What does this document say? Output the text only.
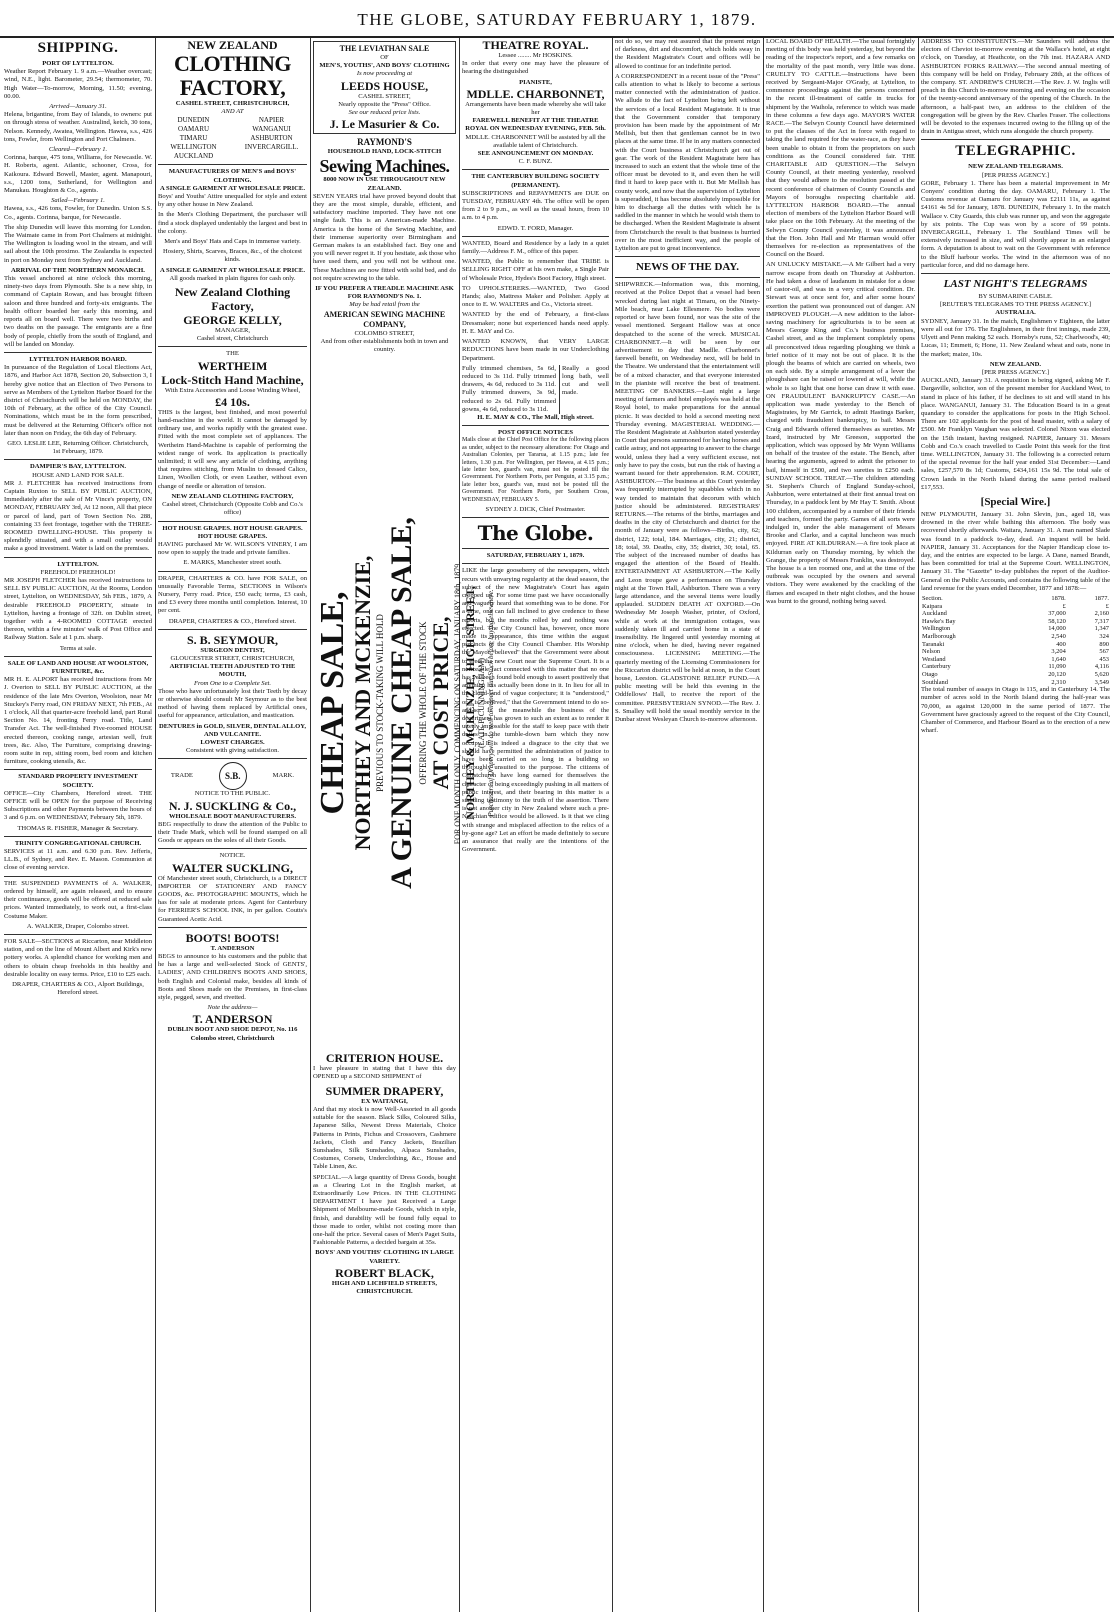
THE GLOBE, SATURDAY FEBRUARY 1, 1879.
SHIPPING.
PORT OF LYTTELTON.

Weather Report February 1. 9 a.m.—Weather overcast; wind, N.E., light. Barometer, 29.54; thermometer, 70. High Water—To-morrow, Morning, 11.50; evening, 00.00.

Arrived—January 31.

Helena, brigantine, from Bay of Islands, to owners: put on through stress of weather. Australind, ketch, 30 tons, Nelson. Kennedy, Awatea, Wellington. Hawea, s.s., 426 tons, Fowler, from Wellington and Port Chalmers.

Cleared—February 1.

Corinna, barque, 475 tons, Williams, for Newcastle. W. H. Roberts, agent. Atlantic, schooner, Cross, for Kaikoura. Edward Bowell, Master, agent. Manapouri, s.s., 1200 tons, Sutherland, for Wellington and Manukau. Houghton & Co., agents.

Sailed—February 1.

Hawea, s.s., 426 tons, Fowler, for Dunedin. Union S.S. Co., agents. Corinna, barque, for Newcastle.

The ship Dunedin will leave this morning for London. The Waimate came in from Port Chalmers at midnight. The Wellington is loading wool in the stream, and will sail about the 10th proximo. The Zealandia is expected in port on Monday next from Sydney and Auckland.

ARRIVAL OF THE NORTHERN MONARCH.

This vessel anchored at nine o'clock this morning, ninety-two days from Plymouth. She is a new ship, in command of Captain Rowan, and has brought fifteen saloon and three hundred and forty-six emigrants. The health officer boarded her early this morning, and reports all on board well. There were two births and two deaths on the passage. The emigrants are a fine body of people, chiefly from the south of England, and will be landed on Monday.

LYTTELTON HARBOR BOARD.

In pursuance of the Regulation of Local Elections Act, 1876, and Harbor Act 1878, Section 20, Subsection 3, I hereby give notice that an Election of Two Persons to serve as Members of the Lyttelton Harbor Board for the district of Christchurch will be held on MONDAY, the 10th of February, at the office of the City Council. Nominations, which must be in the form prescribed, must be delivered at the Returning Officer's office not later than noon on Friday, the 6th day of February.

GEO. LESLIE LEE, Returning Officer. Christchurch, 1st February, 1879.

DAMPIER'S BAY, LYTTELTON.
HOUSE AND LAND FOR SALE.

MR J. FLETCHER has received instructions from Captain Ruxton to SELL BY PUBLIC AUCTION, Immediately after the sale of Mr Vince's property, ON MONDAY, FEBRUARY 3rd, At 12 noon, All that piece or parcel of land, part of Town Section No. 288, containing 33 feet frontage, together with the THREE-ROOMED DWELLING-HOUSE. This property is splendidly situated, and with a small outlay would make a good investment. Water is laid on the premises.

LYTTELTON.
FREEHOLD! FREEHOLD!

MR JOSEPH FLETCHER has received instructions to SELL BY PUBLIC AUCTION, At the Rooms, London street, Lyttelton, on WEDNESDAY, 5th FEB., 1879, A desirable FREEHOLD PROPERTY, situate in Lyttelton, having a frontage of 32ft. on Dublin street, together with a 4-ROOMED COTTAGE erected thereon, within a few minutes' walk of Post Office and Railway Station. Sale at 1 p.m. sharp.

Terms at sale.
SALE OF LAND AND HOUSE AT WOOLSTON, FURNITURE, &c.

MR H. E. ALPORT has received instructions from Mr J. Overton to SELL BY PUBLIC AUCTION, at the residence of the late Mrs Overton, Woolston, near Mr Stuckey's Ferry road, ON FRIDAY NEXT, 7th FEB., At 1 o'clock, All that quarter-acre freehold land, part Rural Section No. 14, fronting Ferry road. Title, Land Transfer Act. The well-finished Five-roomed HOUSE erected thereon, cooking range, artesian well, fruit trees, &c. Also, The Furniture, comprising drawing-room suite in rep, sitting room, bed room and kitchen furniture, cooking utensils, &c.

STANDARD PROPERTY INVESTMENT SOCIETY.

OFFICE—City Chambers, Hereford street. THE OFFICE will be OPEN for the purpose of Receiving Subscriptions and other Payments between the hours of 3 and 6 p.m. on WEDNESDAY, February 5th, 1879.

THOMAS R. FISHER, Manager & Secretary.
TRINITY CONGREGATIONAL CHURCH.

SERVICES at 11 a.m. and 6.30 p.m. Rev. Jefferis, LL.B., of Sydney, and Rev. E. Mason. Communion at close of evening service.

THE SUSPENDED PAYMENTS of A. WALKER, ordered by himself, are again released, and to ensure their continuance, goods will be offered at reduced sale prices. Wanted immediately, to work out, a first-class Costume Maker.

A. WALKER, Draper, Colombo street.

FOR SALE—SECTIONS at Riccarton, near Middleton station, and on the line of Mount Albert and Kirk's new pottery works. A splendid chance for working men and others to obtain cheap freeholds in this healthy and desirable locality on easy terms. Price, £10 to £25 each.

DRAPER, CHARTERS & CO., Alport Buildings, Hereford street.
NEW ZEALAND
CLOTHING FACTORY,
CASHEL STREET, CHRISTCHURCH,
AND AT
DUNEDIN
OAMARU
TIMARU
WELLINGTON
AUCKLAND
NAPIER
WANGANUI
ASHBURTON
INVERCARGILL.
MANUFACTURERS OF MEN'S and BOYS' CLOTHING.
A SINGLE GARMENT AT WHOLESALE PRICE.

Boys' and Youths' Attire unequalled for style and extent by any other house in New Zealand.

In the Men's Clothing Department, the purchaser will find a stock displayed undeniably the largest and best in the colony.

Men's and Boys' Hats and Caps in immense variety.

Hosiery, Shirts, Scarves, Braces, &c., of the choicest kinds.

A SINGLE GARMENT AT WHOLESALE PRICE.

All goods marked in plain figures for cash only.

New Zealand Clothing Factory,
GEORGE KELLY,
MANAGER,
Cashel street, Christchurch
THE
WERTHEIM
Lock-Stitch Hand Machine,
With Extra Accessories and Loose Winding Wheel,
£4 10s.

THIS is the largest, best finished, and most powerful hand-machine in the world. It cannot be damaged by ordinary use, and works rapidly with the greatest ease. Fitted with the most complete set of appliances. The Wertheim Hand-Machine is capable of performing the widest range of work. Its application is practically unlimited; it will sew any article of clothing, anything that requires stitching, from Muslin to dressed Calico, Linen, Woollen Cloth, or even Leather, without even change of needle or alteration of tension.

NEW ZEALAND CLOTHING FACTORY,
Cashel street, Christchurch (Opposite Cobb and Co.'s office)
HOT HOUSE GRAPES. HOT HOUSE GRAPES. HOT HOUSE GRAPES.

HAVING purchased Mr W. WILSON'S VINERY, I am now open to supply the trade and private families.

E. MARKS, Manchester street south.

DRAPER, CHARTERS & CO. have FOR SALE, on unusually Favorable Terms, SECTIONS in Wilson's Nursery, Ferry road. Price, £50 each; terms, £3 cash, and £3 every three months until completion. Interest, 10 per cent.

DRAPER, CHARTERS & CO., Hereford street.
S. B. SEYMOUR,
SURGEON DENTIST,
GLOUCESTER STREET, CHRISTCHURCH,
ARTIFICIAL TEETH ADJUSTED TO THE MOUTH,
From One to a Complete Set.

Those who have unfortunately lost their Teeth by decay or otherwise should consult Mr Seymour as to the best method of having them replaced by Artificial ones, useful for appearance, articulation, and mastication.

DENTURES in GOLD, SILVER, DENTAL ALLOY, AND VULCANITE.
LOWEST CHARGES.
Consistent with giving satisfaction.
TRADE	S.B.	MARK.
NOTICE TO THE PUBLIC.
N. J. SUCKLING & Co.,
WHOLESALE BOOT MANUFACTURERS.

BEG respectfully to draw the attention of the Public to their Trade Mark, which will be found stamped on all Goods or appears on the soles of all their Goods.

NOTICE.
WALTER SUCKLING,

Of Manchester street south, Christchurch, is a DIRECT IMPORTER OF STATIONERY AND FANCY GOODS, &c. PHOTOGRAPHIC MOUNTS, which he has for sale at moderate prices. Agent for Canterbury for FERRIER'S SCHOOL INK, in per gallon. Coutts's Guaranteed Acetic Acid.

BOOTS! BOOTS!
T. ANDERSON

BEGS to announce to his customers and the public that he has a large and well-selected Stock of GENTS', LADIES', AND CHILDREN'S BOOTS AND SHOES, both English and Colonial make, besides all kinds of Boots and Shoes made on the Premises, in first-class style, pegged, sewn, and rivetted.

Note the address—
T. ANDERSON
DUBLIN BOOT AND SHOE DEPOT, No. 116 Colombo street, Christchurch
THE LEVIATHAN SALE
OF
MEN'S, YOUTHS', AND BOYS' CLOTHING
Is now proceeding at
LEEDS HOUSE,
CASHEL STREET,
Nearly opposite the "Press" Office.
See our reduced price lists.
J. Le Masurier & Co.
RAYMOND'S
HOUSEHOLD HAND, LOCK-STITCH
Sewing Machines.
8000 NOW IN USE THROUGHOUT NEW ZEALAND.

SEVEN YEARS trial have proved beyond doubt that they are the most simple, durable, efficient, and satisfactory machine imported. They have not one single fault. This is an American-made Machine. America is the home of the Sewing Machine, and their immense superiority over Birmingham and German makes is an established fact. Buy one and you will never regret it. If you hesitate, ask those who have used them, and you will not be without one. These Machines are now fitted with solid bed, and do not require screwing to the table.

IF YOU PREFER A TREADLE MACHINE ASK FOR RAYMOND'S No. 1.
May be had retail from the
AMERICAN SEWING MACHINE COMPANY,
COLOMBO STREET,
And from other establishments both in town and country.
CRITERION HOUSE.

I have pleasure in stating that I have this day OPENED up a SECOND SHIPMENT of

SUMMER DRAPERY,
EX WAITANGI,

And that my stock is now Well-Assorted in all goods suitable for the season. Black Silks, Coloured Silks, Japanese Silks, Newest Dress Materials, Choice Patterns in Prints, Fichus and Crossovers, Cashmere Jackets, Cloth and Fancy Jackets, Brazilian Sunshades, Silk Sunshades, Alpaca Sunshades, Costumes, Corsets, Underclothing, &c., House and Table Linen, &c.

SPECIAL.—A large quantity of Dress Goods, bought as a Clearing Lot in the English market, at Extraordinarily Low Prices. IN THE CLOTHING DEPARTMENT I have just Received a Large Shipment of Melbourne-made Goods, which in style, finish, and durability will be found fully equal to those made to order, whilst not costing more than one-half the price. Several cases of Men's Paget Suits, Fashionable Patterns, a decided bargain at 35s.

BOYS' AND YOUTHS' CLOTHING IN LARGE VARIETY.
ROBERT BLACK,
HIGH AND LICHFIELD STREETS, CHRISTCHURCH.
CHEAP SALE, NORTHEY AND MCKENZIE, PREVIOUS TO STOCK-TAKING WILL HOLD A GENUINE CHEAP SALE, OFFERING THE WHOLE OF THE STOCK AT COST PRICE, FOR ONE MONTH ONLY, COMMENCING ON SATURDAY, JANUARY 18th, 1879. NORTHEY & MCKENZIE, HIGH STREET, (LATE P. CUNNINGHAM) Purchasers of Drapery will do well to inspect our Stock before buying elsewhere.
THEATRE ROYAL.
Lessee ........ Mr HOSKINS.

In order that every one may have the pleasure of hearing the distinguished

PIANISTE,
MDLLE. CHARBONNET,
Arrangements have been made whereby she will take her
FAREWELL BENEFIT AT THE THEATRE ROYAL ON WEDNESDAY EVENING, FEB. 5th.
MDLLE. CHARBONNET Will be assisted by all the available talent of Christchurch.
SEE ANNOUNCEMENT ON MONDAY.
C. F. BUNZ.
THE CANTERBURY BUILDING SOCIETY (PERMANENT).

SUBSCRIPTIONS and REPAYMENTS are DUE on TUESDAY, FEBRUARY 4th. The office will be open from 2 to 9 p.m., as well as the usual hours, from 10 a.m. to 4 p.m.

EDWD. T. FORD, Manager.

WANTED, Board and Residence by a lady in a quiet family.—Address F. M., office of this paper.

WANTED, the Public to remember that TRIBE is SELLING RIGHT OFF at his own make, a Single Pair of Wholesale Price, Hydes's Boot Factory, High street.

TO UPHOLSTERERS.—WANTED, Two Good Hands; also, Mattress Maker and Polisher. Apply at once to E. W. WALTERS and Co., Victoria street.

WANTED by the end of February, a first-class Dressmaker; none but experienced hands need apply. H. E. MAY and Co.

WANTED KNOWN, that VERY LARGE REDUCTIONS have been made in our Underclothing Department.

Fully trimmed chemises, 5s 6d, reduced to 3s 11d. Fully trimmed drawers, 4s 6d, reduced to 3s 11d. Fully trimmed drawers, 3s 9d, reduced to 2s 6d. Fully trimmed gowns, 4s 6d, reduced to 3s 11d.
Really a good long bath, well cut and well made.
H. E. MAY & CO., The Mall, High street.
POST OFFICE NOTICES

Mails close at the Chief Post Office for the following places as under, subject to the necessary alterations: For Otago and Australian Colonies, per Tararua, at 1.15 p.m.; late fee letters, 1.30 p.m. For Wellington, per Hawea, at 4.15 p.m.; late letter box, guard's van, must not be posted till the Government. For Northern Ports, per Penguin, at 3.15 p.m.; late letter box, guard's van, must not be posted till the Government. For Northern Ports, per Southern Cross, WEDNESDAY, FEBRUARY 5.

SYDNEY J. DICK, Chief Postmaster.
The Globe.
SATURDAY, FEBRUARY 1, 1879.

LIKE the large gooseberry of the newspapers, which recurs with unvarying regularity at the dead season, the subject of the new Magistrate's Court has again cropped up. For some time past we have occasionally and vaguely heard that something was to be done. For a time, one can fall inclined to give credence to these reports, but the months rolled by and nothing was effected. The City Council has, however, once more made its appearance, this time within the august precincts of the City Council Chamber. His Worship the Mayor "believed" that the Government were about to erect the new Court near the Supreme Court. It is a noticeable fact connected with this matter that no one has yet been found bold enough to assert positively that anything has actually been done in it. In lieu for all in the cloud-land of vague conjecture; it is "understood," or it is "believed," that the Government intend to do so-and-so. In the meanwhile the business of the department has grown to such an extent as to render it utterly impossible for the staff to keep pace with their duties in the tumble-down barn which they now occupy. It is indeed a disgrace to the city that we should have permitted the administration of justice to have been carried on so long in a building so thoroughly unsuited to the purpose. The citizens of Christchurch have long earned for themselves the character of being exceedingly pushing in all matters of public interest, and their bearing in this matter is a standing testimony to the truth of the assertion. There is not another city in New Zealand where such a pre-Noachian edifice would be allowed. Is it that we cling with strange and misplaced affection to the relics of a by-gone age? Let an effort be made definitely to secure an assurance that really are the intentions of the Government.

not do so, we may rest assured that the present reign of darkness, dirt and discomfort, which holds sway in the Resident Magistrate's Court and offices will be allowed to continue for an indefinite period.

A CORRESPONDENT in a recent issue of the "Press" calls attention to what is likely to become a serious matter connected with the administration of justice. We allude to the fact of Lyttelton being left without the services of a local Resident Magistrate. It is true that the Government consider that temporary provision has been made by the appointment of Mr Mellish, but then that gentleman cannot be in two places at the same time. If he in any matters connected with the Court business at Christchurch get out of gear. The work of the Resident Magistrate here has increased to such an extent that the whole time of the officer must be devoted to it, and even then he will find it hard to keep pace with it. But Mr Mellish has county work, and now that the supervision of Lyttelton is superadded, it has become absolutely impossible for him to discharge all the duties with which he is saddled in the manner in which he would wish them to be discharged. When the Resident Magistrate is absent from Christchurch the result is that business is hurried over in the most inefficient way, and the people of Lyttelton are put to great inconvenience.

NEWS OF THE DAY.

SHIPWRECK.—Information was, this morning, received at the Police Depot that a vessel had been wrecked during last night at Timaru, on the Ninety-Mile beach, near Lake Ellesmere. No bodies were reported or have been found, nor was the site of the vessel mentioned. Sergeant Hallow was at once despatched to the scene of the wreck. MUSICAL CHARBONNET.—It will be seen by our advertisement to day that Madlle. Charbonnet's farewell benefit, on Wednesday next, will be held in the Theatre. We understand that the entertainment will be of a mixed character, and that everyone interested in the pianiste will receive the best of treatment. MEETING OF BANKERS.—Last night a large meeting of farmers and hotel employés was held at the Royal hotel, to make preparations for the annual picnic. It was decided to hold a second meeting next Thursday evening. MAGISTERIAL WEDDING.—The Resident Magistrate at Ashburton stated yesterday in Court that persons summoned for having horses and cattle astray, and not appearing to answer to the charge would, unless they had a very sufficient excuse, not only have to pay the costs, but run the risk of having a warrant issued for their apprehension. R.M. COURT, ASHBURTON.—The business at this Court yesterday was frequently interrupted by squabbles which in no way tended to maintain that decorum with which justice should be administered. REGISTRARS' RETURNS.—The returns of the births, marriages and deaths in the city of Christchurch and district for the month of January were as follows—Births, city, 62; district, 122; total, 184. Marriages, city, 21; district, 18; total, 39. Deaths, city, 35; district, 30; total, 65. The subject of the increased number of deaths has engaged the attention of the Board of Health. ENTERTAINMENT AT ASHBURTON.—The Kelly and Leon troupe gave a performance on Thursday night at the Town Hall, Ashburton. There was a very large attendance, and the several items were loudly applauded. SUDDEN DEATH AT OXFORD.—On Wednesday Mr Joseph Washer, printer, of Oxford, while at work at the immigration cottages, was suddenly taken ill and carried home in a state of insensibility. He lingered until yesterday morning at nine o'clock, when he died, having never regained consciousness. LICENSING MEETING.—The quarterly meeting of the Licensing Commissioners for the Riccarton district will be held at noon, in the Court house, Leeston. GLADSTONE RELIEF FUND.—A public meeting will be held this evening in the Oddfellows' Hall, to receive the report of the committee. PRESBYTERIAN SYNOD.—The Rev. J. S. Smalley will hold the usual monthly service in the Dunbar street Wesleyan Church to-morrow afternoon.

LOCAL BOARD OF HEALTH.—The usual fortnightly meeting of this body was held yesterday, but beyond the reading of the inspector's report, and a few remarks on the mortality of the past month, very little was done. CRUELTY TO CATTLE.—Instructions have been received by Sergeant-Major O'Grady, at Lyttelton, to commence proceedings against the persons concerned in the recent ill-treatment of cattle in trucks for shipment by the Waihola, reference to which was made in these columns a few days ago. MAYOR'S WATER RACE.—The Selwyn County Council have determined to put the clauses of the Act in force with regard to taking the land required for the water-race, as they have been unable to obtain it from the proprietors on such conditions as the Council considered fair. THE CHARITABLE AID QUESTION.—The Selwyn County Council, at their meeting yesterday, resolved that they would adhere to the resolution passed at the recent conference of chairmen of County Councils and Mayors of boroughs respecting charitable aid. LYTTELTON HARBOR BOARD.—The annual election of members of the Lyttelton Harbor Board will take place on the 10th February. At the meeting of the Selwyn County Council yesterday, it was announced that the Hon. John Hall and Mr Harman would offer themselves for re-election as representatives of the Council on the Board.

AN UNLUCKY MISTAKE.—A Mr Gilbert had a very narrow escape from death on Thursday at Ashburton. He had taken a dose of laudanum in mistake for a dose of castor-oil, and was in a very critical condition. Dr. Stewart was at once sent for, and after some hours' exertion the patient was pronounced out of danger. AN IMPROVED PLOUGH.—A new addition to the labor-saving machinery for agriculturists is to be seen at Messrs George King and Co.'s business premises, Cashel street, and as the implement completely opens all preconceived ideas regarding ploughing we think a brief notice of it may not be out of place. It is the plough the beams of which are carried on wheels, two on each side. By a simple arrangement of a lever the ploughshare can be raised or lowered at will, while the whole is so light that one horse can draw it with ease. ON FRAUDULENT BANKRUPTCY CASE.—An application was made yesterday to the Bench of Magistrates, by Mr Garrick, to admit Hastings Barker, charged with fraudulent bankruptcy, to bail. Messrs Craig and Edwards offered themselves as sureties. Mr Izard, instructed by Mr Greeson, supported the application, which was opposed by Mr Wynn Williams on behalf of the trustee of the estate. The Bench, after hearing the arguments, agreed to admit the prisoner to bail, himself in £500, and two sureties in £250 each. SUNDAY SCHOOL TREAT.—The children attending St. Stephen's Church of England Sunday-school, Ashburton, were entertained at their first annual treat on Thursday, in a paddock lent by Mr Hay T. Smith. About 100 children, accompanied by a number of their friends and teachers, formed the party. Games of all sorts were indulged in, under the able management of Messrs Brooke and Clarke, and a capital luncheon was much enjoyed. FIRE AT KILDURRAN.—A fire took place at Kildurran early on Thursday morning, by which the Grange, the property of Messrs Franklin, was destroyed. The house is a ten roomed one, and at the time of the outbreak was occupied by the owners and several visitors. They were awakened by the crackling of the flames and escaped in their night clothes, and the house was burnt to the ground, nothing being saved.

ADDRESS TO CONSTITUENTS.—Mr Saunders will address the electors of Cheviot to-morrow evening at the Wallace's hotel, at eight o'clock, on Tuesday, at Heathcote, on the 7th inst. HAZARA AND ASHBURTON FORKS RAILWAY.—The second annual meeting of this company will be held on Friday, February 28th, at the offices of the company. ST. ANDREW'S CHURCH.—The Rev. J. W. Inglis will preach in this Church to-morrow morning and evening on the occasion of the twenty-second anniversary of the opening of the Church. In the afternoon, a half-past two, an address to the children of the congregation will be given by the Rev. Charles Fraser. The collections will be devoted to the expenses incurred owing to the filling up of the drain in Antigua street, which runs alongside the church property.

TELEGRAPHIC.
NEW ZEALAND TELEGRAMS.
[PER PRESS AGENCY.]

GORE, February 1. There has been a material improvement in Mr Conyers' condition during the day. OAMARU, February 1. The Customs revenue at Oamaru for January was £2111 11s, as against £4161 4s 5d for January, 1878. DUNEDIN, February 1. In the match Wallace v. City Guards, this club was runner up, and won the aggregate by six points. The Cup was won by a score of 99 points. INVERCARGILL, February 1. The Southland Times will be extensively increased in size, and will shortly appear in an enlarged form. A deputation is about to wait on the Government with reference to the Bluff harbour works. The wind in the afternoon was of no particular force, and did no damage here.

LAST NIGHT'S TELEGRAMS
BY SUBMARINE CABLE.
[REUTER'S TELEGRAMS TO THE PRESS AGENCY.]
AUSTRALIA.

SYDNEY, January 31. In the match, Englishmen v Eighteen, the latter were all out for 176. The Englishmen, in their first innings, made 239, Ulyett and Penn making 52 each. Hornsby's runs, 52; Charlwood's, 40; Lucas, 11; Emmett, 6; Hone, 11. New Zealand wheat and oats, none in the market; maize, 10s.

NEW ZEALAND.
[PER PRESS AGENCY.]

AUCKLAND, January 31. A requisition is being signed, asking Mr F. Dargaville, solicitor, son of the present member for Auckland West, to stand in place of his father, if he declines to sit and will stand in his place. WANGANUI, January 31. The Education Board is in a great quandary to consider the applications for posts in the High School. There are 102 applicants for the post of head master, with a salary of £500. Mr Franklyn Vaughan was selected. Colonel Nixon was elected on the 15th instant, having resigned. NAPIER, January 31. Messrs Cobb and Co.'s coach travelled to Castle Point this week for the first time. WELLINGTON, January 31. The following is a corrected return of the special revenue for the half year ended 31st December:—Land sales, £257,570 8s 1d; Customs, £434,161 15s 9d. The total sale of Crown lands in the North Island during the same period realised £17,553.

[Special Wire.]

NEW PLYMOUTH, January 31. John Slevin, jun., aged 18, was drowned in the river while bathing this afternoon. The body was recovered shortly afterwards. Waitara, January 31. A man named Slade was found in a paddock to-day, dead. An inquest will be held. NAPIER, January 31. Acceptances for the Napier Handicap close to-day, and the entries are expected to be large. A Dane, named Brandt, has been committed for trial at the Supreme Court. WELLINGTON, January 31. The "Gazette" to-day publishes the report of the Auditor-General on the Public Accounts, and contains the following table of the land revenue for the years ended December, 1877 and 1878:—

Section.	1878.	1877.
Kaipara	£	£
Auckland	37,000	2,160
Hawke's Bay	58,120	7,317
Wellington	14,000	1,347
Marlborough	2,540	324
Taranaki	400	890
Nelson	3,204	567
Westland	1,640	453
Canterbury	11,090	4,116
Otago	20,120	5,620
Southland	2,310	3,549

The total number of assays in Otago is 115, and in Canterbury 14. The number of acres sold in the North Island during the half-year was 70,000, as against 120,000 in the same period of 1877. The Government have graciously agreed to the request of the City Council, Chamber of Commerce, and Harbour Board as to the erection of a new wharf.
